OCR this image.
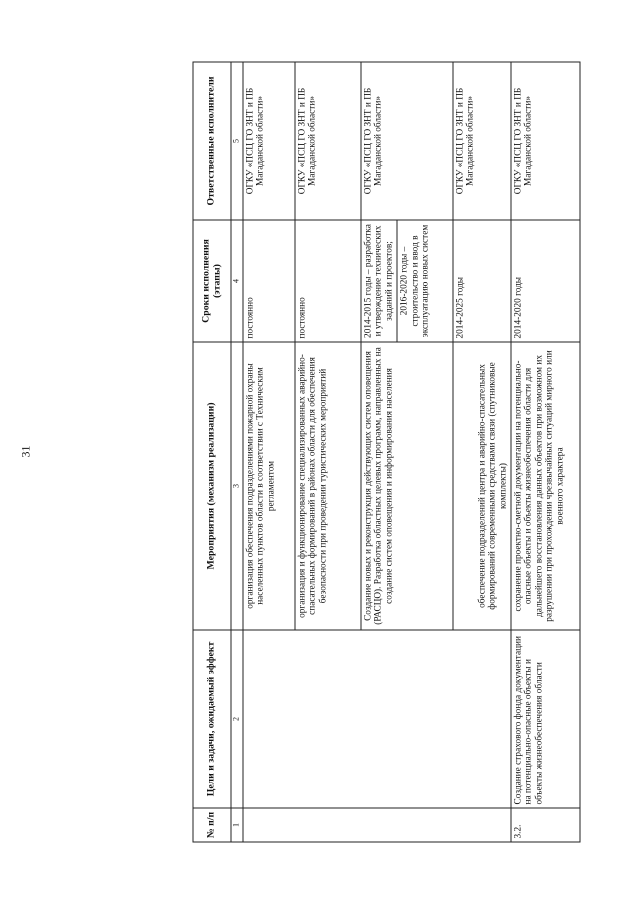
31
№ п/п	Цели и задачи, ожидаемый эффект	Мероприятия (механизм реализации)	Сроки исполнения (этапы)	Ответственные исполнители
1	2	3	4	5
		организация обеспечения подразделениями пожарной охраны населенных пунктов области в соответствии с Техническим регламентом	постоянно	ОГКУ «ПСЦ ГО ЗНТ и ПБ Магаданской области»
		организация и функционирование специализированных аварийно-спасательных формирований в районах области для обеспечения безопасности при проведении туристических мероприятий	постоянно	ОГКУ «ПСЦ ГО ЗНТ и ПБ Магаданской области»
		Создание новых и реконструкция действующих систем оповещения (РАСЦО). Разработка областных целевых программ, направленных на создание систем оповещения и информирования населения	2014-2015 годы – разработка и утверждение технических заданий и проектов; 2016-2020 годы – строительство и ввод в эксплуатацию новых систем	ОГКУ «ПСЦ ГО ЗНТ и ПБ Магаданской области»
		обеспечение подразделений центра и аварийно-спасательных формирований современными средствами связи (спутниковые комплекты)	2014-2025 годы	ОГКУ «ПСЦ ГО ЗНТ и ПБ Магаданской области»
3.2.	Создание страхового фонда документации на потенциально-опасные объекты и объекты жизнеобеспечения области	сохранение проектно-сметной документации на потенциально-опасные объекты и объекты жизнеобеспечения области для дальнейшего восстановления данных объектов при возможном их разрушении при прохождении чрезвычайных ситуаций мирного или военного характера	2014-2020 годы	ОГКУ «ПСЦ ГО ЗНТ и ПБ Магаданской области»
